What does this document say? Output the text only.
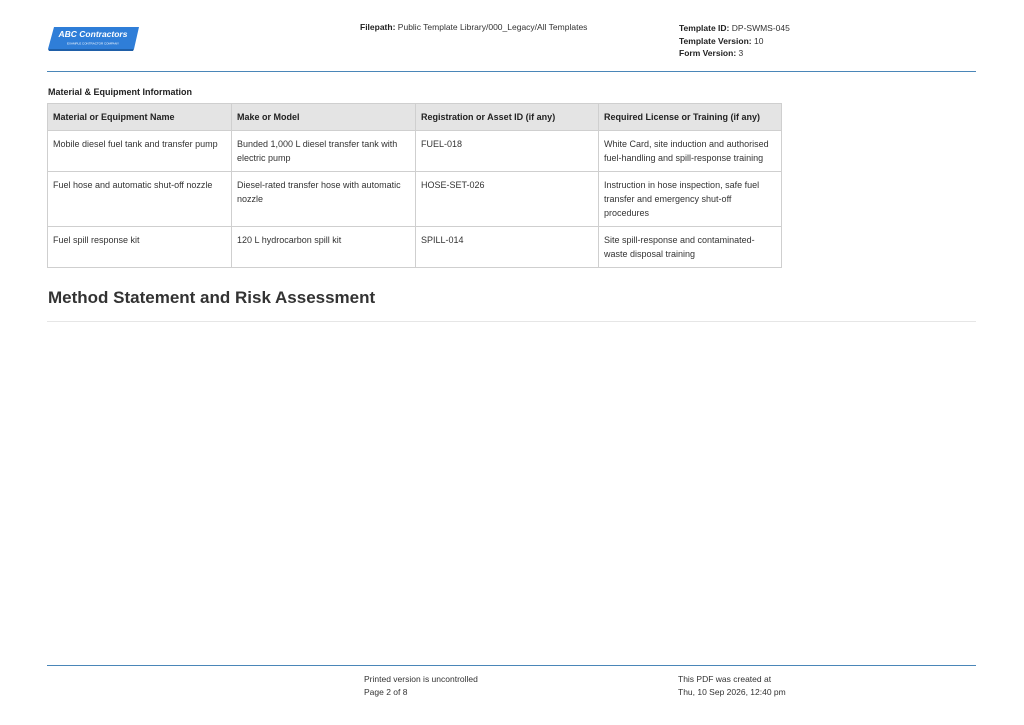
ABC Contractors
EXAMPLE CONTRACTOR COMPANY
Filepath: Public Template Library/000_Legacy/All Templates	Template ID: DP-SWMS-045
Template Version: 10
Form Version: 3
Material & Equipment Information
Material or Equipment Name	Make or Model	Registration or Asset ID (if any)	Required License or Training (if any)
Mobile diesel fuel tank and transfer pump	Bunded 1,000 L diesel transfer tank with electric pump	FUEL-018	White Card, site induction and authorised fuel-handling and spill-response training
Fuel hose and automatic shut-off nozzle	Diesel-rated transfer hose with automatic nozzle	HOSE-SET-026	Instruction in hose inspection, safe fuel transfer and emergency shut-off procedures
Fuel spill response kit	120 L hydrocarbon spill kit	SPILL-014	Site spill-response and contaminated-waste disposal training
Method Statement and Risk Assessment
Printed version is uncontrolled
Page 2 of 8
This PDF was created at
Thu, 10 Sep 2026, 12:40 pm
